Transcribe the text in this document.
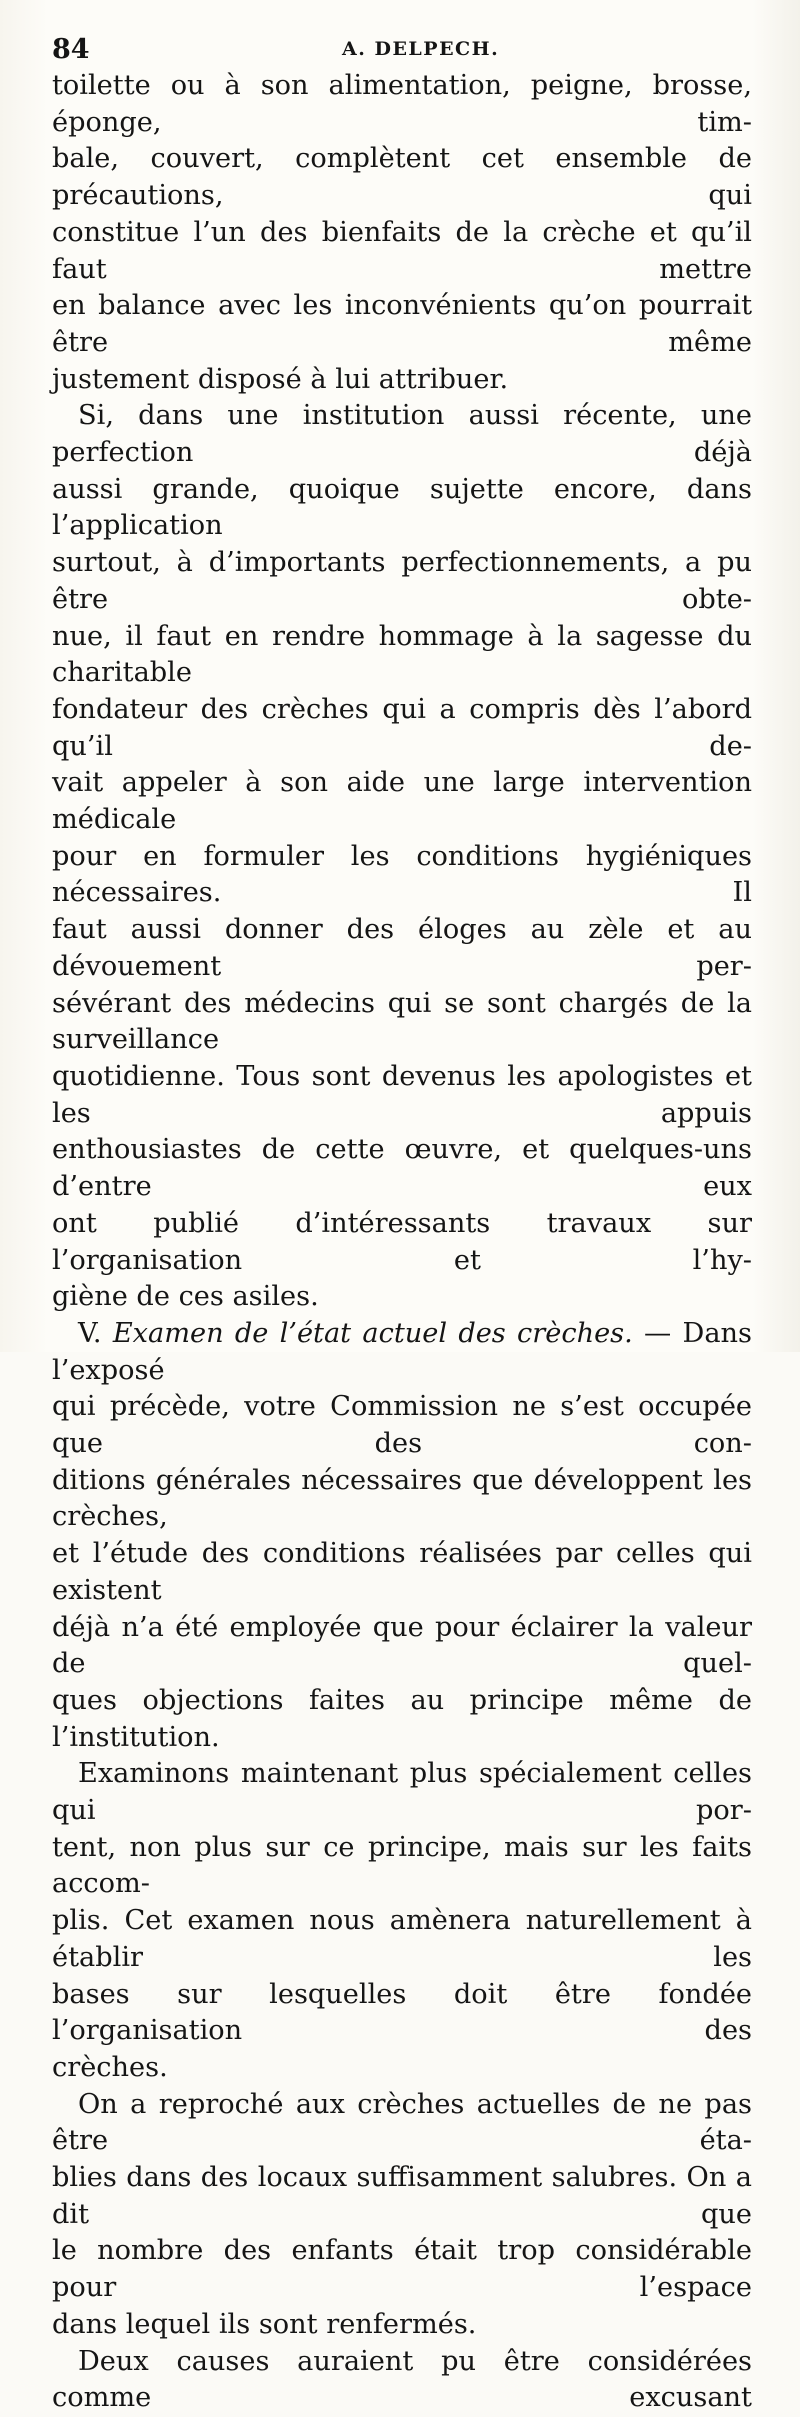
84	A. DELPECH.

toilette ou à son alimentation, peigne, brosse, éponge, tim-

bale, couvert, complètent cet ensemble de précautions, qui

constitue l’un des bienfaits de la crèche et qu’il faut mettre

en balance avec les inconvénients qu’on pourrait être même

justement disposé à lui attribuer.

Si, dans une institution aussi récente, une perfection déjà

aussi grande, quoique sujette encore, dans l’application

surtout, à d’importants perfectionnements, a pu être obte-

nue, il faut en rendre hommage à la sagesse du charitable

fondateur des crèches qui a compris dès l’abord qu’il de-

vait appeler à son aide une large intervention médicale

pour en formuler les conditions hygiéniques nécessaires. Il

faut aussi donner des éloges au zèle et au dévouement per-

sévérant des médecins qui se sont chargés de la surveillance

quotidienne. Tous sont devenus les apologistes et les appuis

enthousiastes de cette œuvre, et quelques-uns d’entre eux

ont publié d’intéressants travaux sur l’organisation et l’hy-

giène de ces asiles.

V. Examen de l’état actuel des crèches. — Dans l’exposé

qui précède, votre Commission ne s’est occupée que des con-

ditions générales nécessaires que développent les crèches,

et l’étude des conditions réalisées par celles qui existent

déjà n’a été employée que pour éclairer la valeur de quel-

ques objections faites au principe même de l’institution.

Examinons maintenant plus spécialement celles qui por-

tent, non plus sur ce principe, mais sur les faits accom-

plis. Cet examen nous amènera naturellement à établir les

bases sur lesquelles doit être fondée l’organisation des

crèches.

On a reproché aux crèches actuelles de ne pas être éta-

blies dans des locaux suffisamment salubres. On a dit que

le nombre des enfants était trop considérable pour l’espace

dans lequel ils sont renfermés.

Deux causes auraient pu être considérées comme excusant
